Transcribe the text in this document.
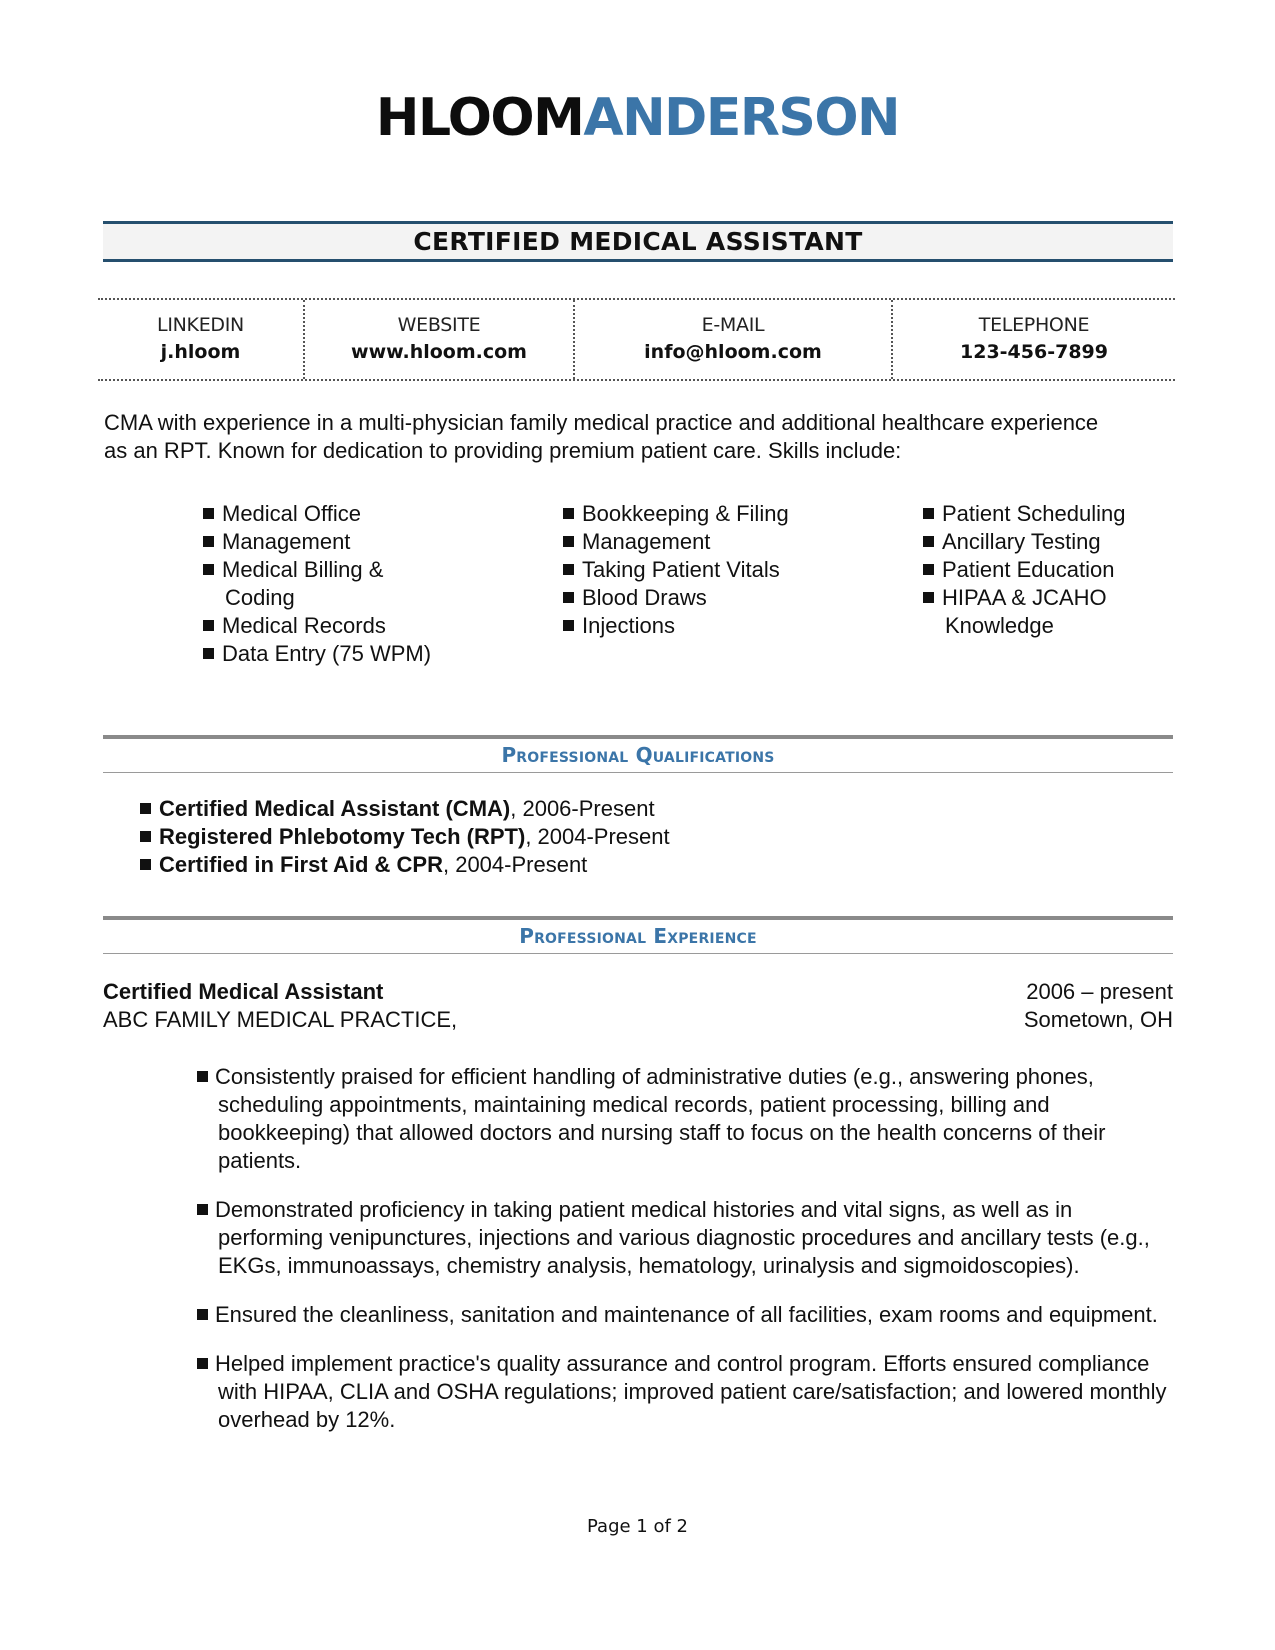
HLOOMANDERSON
CERTIFIED MEDICAL ASSISTANT
LINKEDIN
j.hloom
WEBSITE
www.hloom.com
E-MAIL
info@hloom.com
TELEPHONE
123-456-7899
CMA with experience in a multi-physician family medical practice and additional healthcare experience
as an RPT. Known for dedication to providing premium patient care. Skills include:
Medical Office
Management
Medical Billing & Coding
Medical Records
Data Entry (75 WPM)
Bookkeeping & Filing
Management
Taking Patient Vitals
Blood Draws
Injections
Patient Scheduling
Ancillary Testing
Patient Education
HIPAA & JCAHO Knowledge
Professional Qualifications
Certified Medical Assistant (CMA), 2006-Present
Registered Phlebotomy Tech (RPT), 2004-Present
Certified in First Aid & CPR, 2004-Present
Professional Experience
Certified Medical Assistant
ABC FAMILY MEDICAL PRACTICE,
2006 – present
Sometown, OH
Consistently praised for efficient handling of administrative duties (e.g., answering phones, scheduling appointments, maintaining medical records, patient processing, billing and bookkeeping) that allowed doctors and nursing staff to focus on the health concerns of their patients.
Demonstrated proficiency in taking patient medical histories and vital signs, as well as in performing venipunctures, injections and various diagnostic procedures and ancillary tests (e.g., EKGs, immunoassays, chemistry analysis, hematology, urinalysis and sigmoidoscopies).
Ensured the cleanliness, sanitation and maintenance of all facilities, exam rooms and equipment.
Helped implement practice's quality assurance and control program. Efforts ensured compliance with HIPAA, CLIA and OSHA regulations; improved patient care/satisfaction; and lowered monthly overhead by 12%.
Page 1 of 2
